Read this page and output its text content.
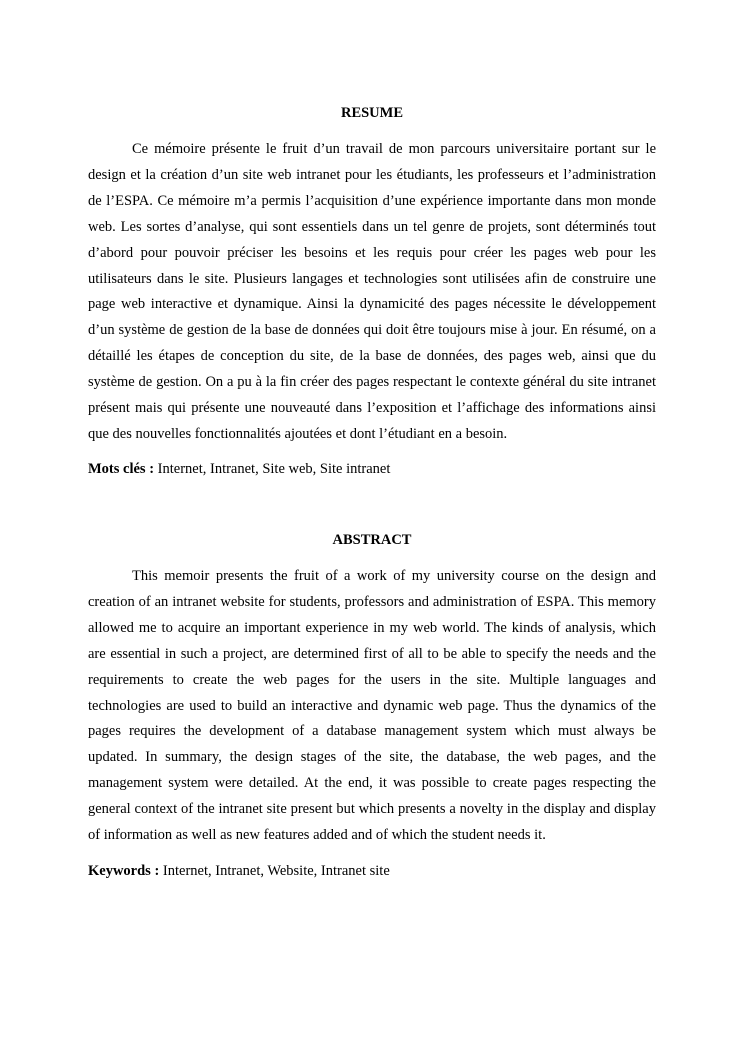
RESUME

Ce mémoire présente le fruit d’un travail de mon parcours universitaire portant sur le design et la création d’un site web intranet pour les étudiants, les professeurs et l’administration de l’ESPA. Ce mémoire m’a permis l’acquisition d’une expérience importante dans mon monde web. Les sortes d’analyse, qui sont essentiels dans un tel genre de projets, sont déterminés tout d’abord pour pouvoir préciser les besoins et les requis pour créer les pages web pour les utilisateurs dans le site. Plusieurs langages et technologies sont utilisées afin de construire une page web interactive et dynamique. Ainsi la dynamicité des pages nécessite le développement d’un système de gestion de la base de données qui doit être toujours mise à jour. En résumé, on a détaillé les étapes de conception du site, de la base de données, des pages web, ainsi que du système de gestion. On a pu à la fin créer des pages respectant le contexte général du site intranet présent mais qui présente une nouveauté dans l’exposition et l’affichage des informations ainsi que des nouvelles fonctionnalités ajoutées et dont l’étudiant en a besoin.

Mots clés : Internet, Intranet, Site web, Site intranet

ABSTRACT

This memoir presents the fruit of a work of my university course on the design and creation of an intranet website for students, professors and administration of ESPA. This memory allowed me to acquire an important experience in my web world. The kinds of analysis, which are essential in such a project, are determined first of all to be able to specify the needs and the requirements to create the web pages for the users in the site. Multiple languages and technologies are used to build an interactive and dynamic web page. Thus the dynamics of the pages requires the development of a database management system which must always be updated. In summary, the design stages of the site, the database, the web pages, and the management system were detailed. At the end, it was possible to create pages respecting the general context of the intranet site present but which presents a novelty in the display and display of information as well as new features added and of which the student needs it.

Keywords : Internet, Intranet, Website, Intranet site
